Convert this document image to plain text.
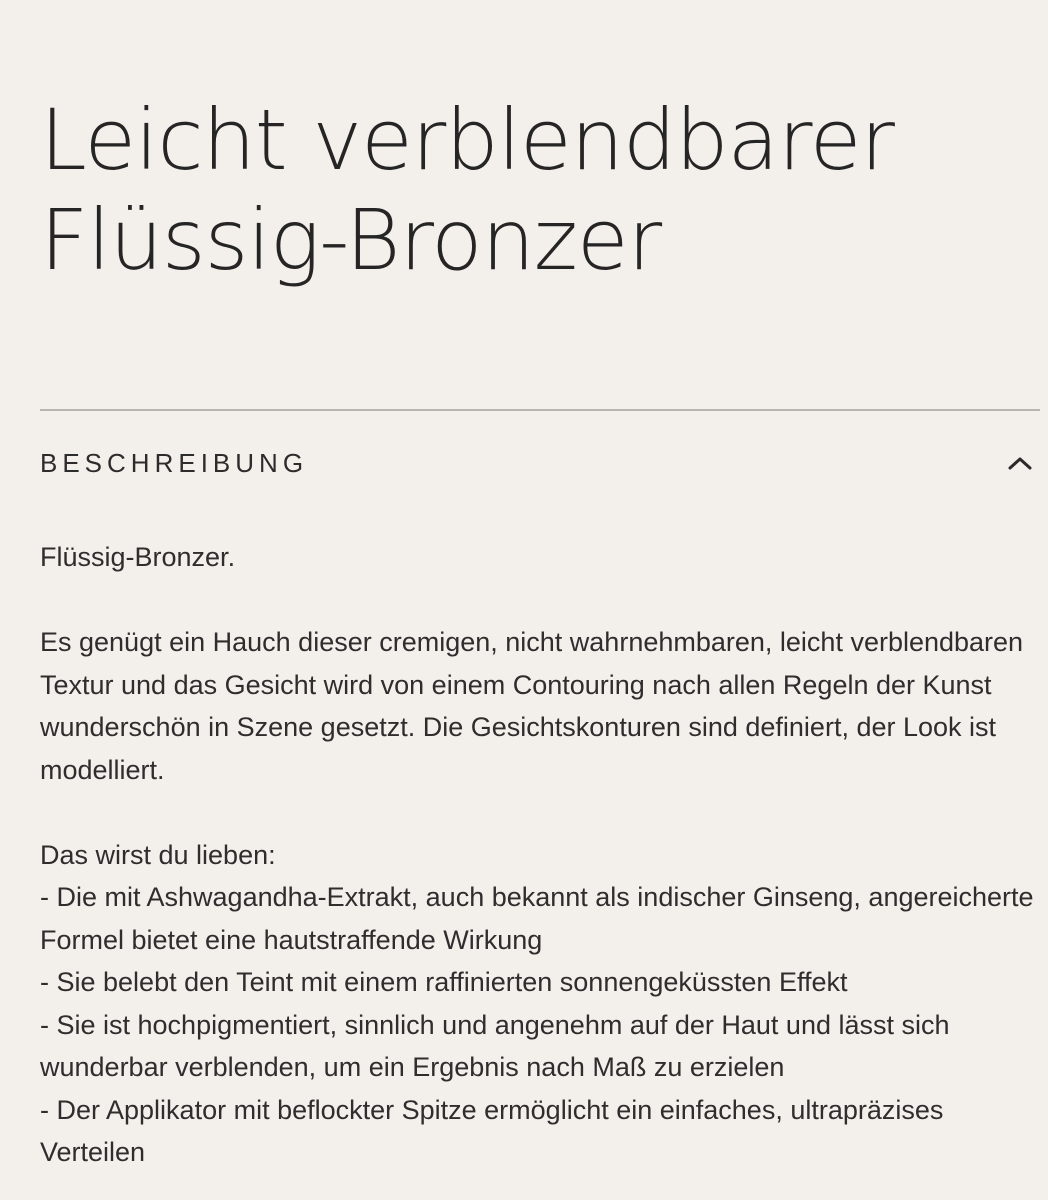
Leicht verblendbarer
Flüssig-Bronzer
BESCHREIBUNG

Flüssig-Bronzer.

Es genügt ein Hauch dieser cremigen, nicht wahrnehmbaren, leicht verblendbaren Textur und das Gesicht wird von einem Contouring nach allen Regeln der Kunst wunderschön in Szene gesetzt. Die Gesichtskonturen sind definiert, der Look ist modelliert.

Das wirst du lieben:

- Die mit Ashwagandha-Extrakt, auch bekannt als indischer Ginseng, angereicherte Formel bietet eine hautstraffende Wirkung
- Sie belebt den Teint mit einem raffinierten sonnengeküssten Effekt
- Sie ist hochpigmentiert, sinnlich und angenehm auf der Haut und lässt sich wunderbar verblenden, um ein Ergebnis nach Maß zu erzielen
- Der Applikator mit beflockter Spitze ermöglicht ein einfaches, ultrapräzises Verteilen
